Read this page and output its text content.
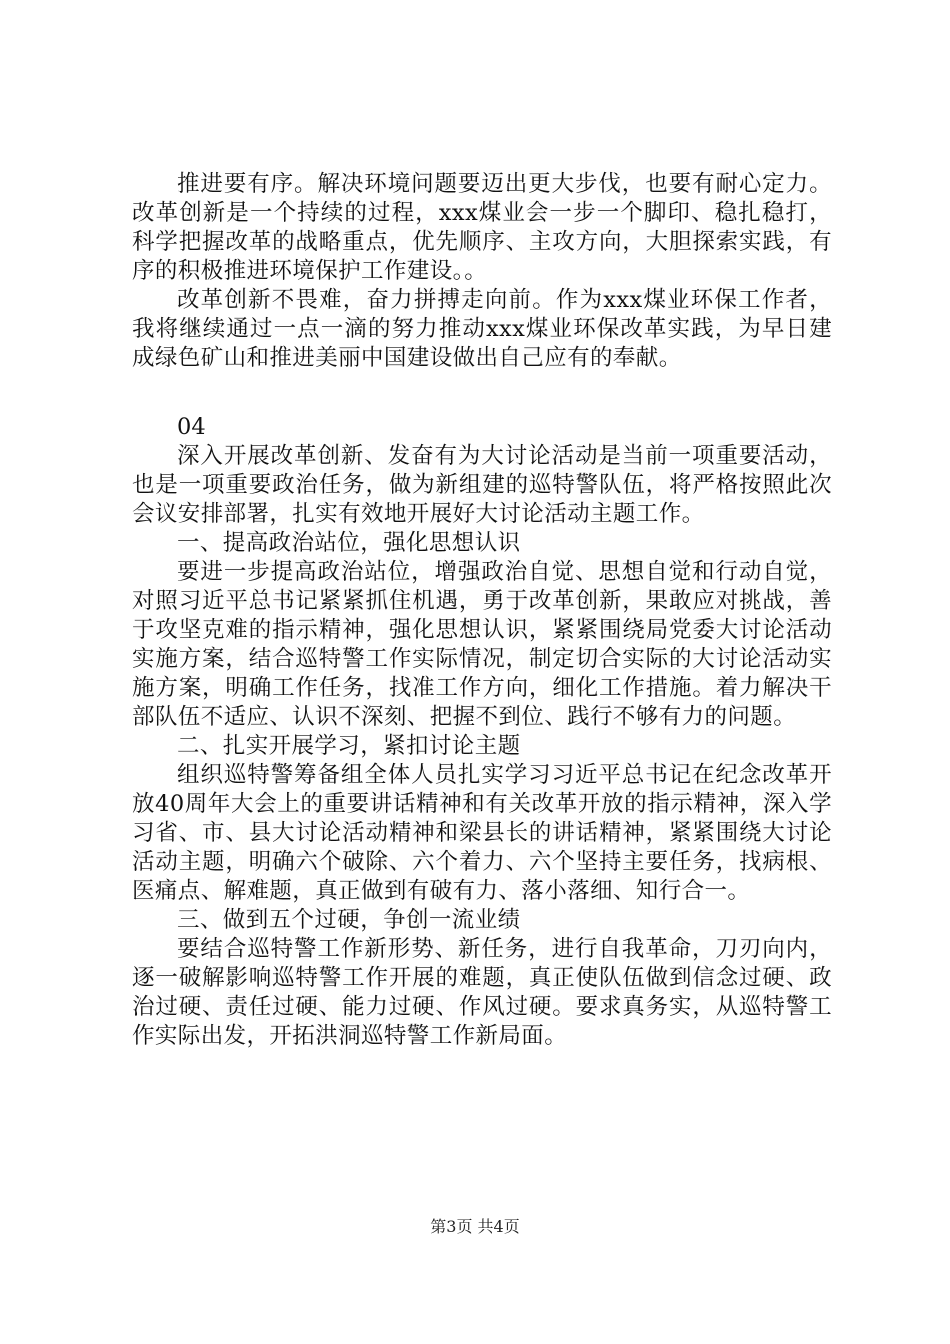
推进要有序。解决环境问题要迈出更大步伐，也要有耐心定力。改革创新是一个持续的过程，xxx煤业会一步一个脚印、稳扎稳打，科学把握改革的战略重点，优先顺序、主攻方向，大胆探索实践，有序的积极推进环境保护工作建设。。

改革创新不畏难，奋力拼搏走向前。作为xxx煤业环保工作者，我将继续通过一点一滴的努力推动xxx煤业环保改革实践，为早日建成绿色矿山和推进美丽中国建设做出自己应有的奉献。

04

深入开展改革创新、发奋有为大讨论活动是当前一项重要活动，也是一项重要政治任务，做为新组建的巡特警队伍，将严格按照此次会议安排部署，扎实有效地开展好大讨论活动主题工作。

一、提高政治站位，强化思想认识

要进一步提高政治站位，增强政治自觉、思想自觉和行动自觉，对照习近平总书记紧紧抓住机遇，勇于改革创新，果敢应对挑战，善于攻坚克难的指示精神，强化思想认识，紧紧围绕局党委大讨论活动实施方案，结合巡特警工作实际情况，制定切合实际的大讨论活动实施方案，明确工作任务，找准工作方向，细化工作措施。着力解决干部队伍不适应、认识不深刻、把握不到位、践行不够有力的问题。

二、扎实开展学习，紧扣讨论主题

组织巡特警筹备组全体人员扎实学习习近平总书记在纪念改革开放40周年大会上的重要讲话精神和有关改革开放的指示精神，深入学习省、市、县大讨论活动精神和梁县长的讲话精神，紧紧围绕大讨论活动主题，明确六个破除、六个着力、六个坚持主要任务，找病根、医痛点、解难题，真正做到有破有力、落小落细、知行合一。

三、做到五个过硬，争创一流业绩

要结合巡特警工作新形势、新任务，进行自我革命，刀刃向内，逐一破解影响巡特警工作开展的难题，真正使队伍做到信念过硬、政治过硬、责任过硬、能力过硬、作风过硬。要求真务实，从巡特警工作实际出发，开拓洪洞巡特警工作新局面。

第3页 共4页
